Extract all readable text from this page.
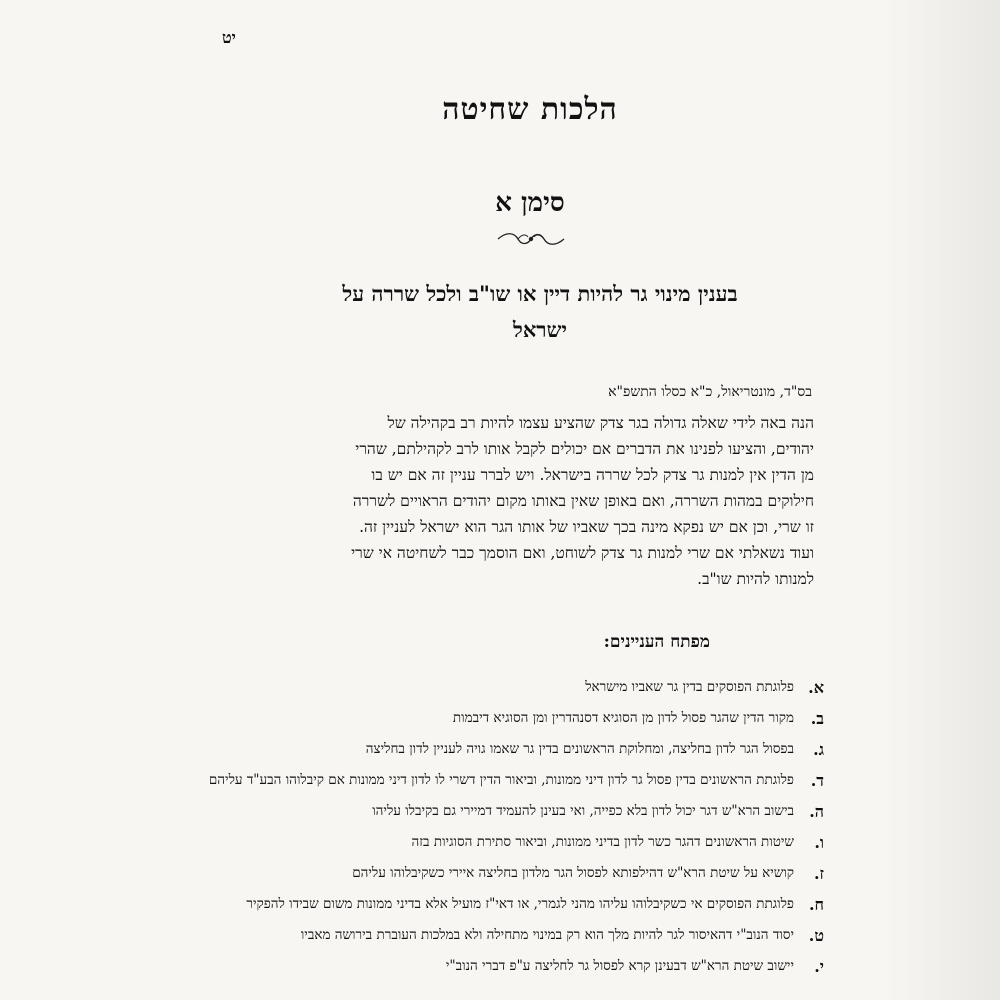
יט
הלכות שחיטה
סימן א
בענין מינוי גר להיות דיין או שו"ב ולכל שררה על
ישראל
בס"ד, מונטריאול, כ"א כסלו התשפ"א

הנה באה לידי שאלה גדולה בגר צדק שהציע עצמו להיות רב בקהילה של

יהודים, והציעו לפנינו את הדברים אם יכולים לקבל אותו לרב לקהילתם, שהרי

מן הדין אין למנות גר צדק לכל שררה בישראל. ויש לברר עניין זה אם יש בו

חילוקים במהות השררה, ואם באופן שאין באותו מקום יהודים הראויים לשררה

זו שרי, וכן אם יש נפקא מינה בכך שאביו של אותו הגר הוא ישראל לעניין זה.

ועוד נשאלתי אם שרי למנות גר צדק לשוחט, ואם הוסמך כבר לשחיטה אי שרי

למנותו להיות שו"ב.

מפתח העניינים:
א.
פלוגתת הפוסקים בדין גר שאביו מישראל
ב.
מקור הדין שהגר פסול לדון מן הסוגיא דסנהדרין ומן הסוגיא דיבמות
ג.
בפסול הגר לדון בחליצה, ומחלוקת הראשונים בדין גר שאמו גויה לעניין לדון בחליצה
ד.
פלוגתת הראשונים בדין פסול גר לדון דיני ממונות, וביאור הדין דשרי לו לדון דיני ממונות אם קיבלוהו הבע"ד עליהם
ה.
בישוב הרא"ש דגר יכול לדון בלא כפייה, ואי בעינן להעמיד דמיירי גם בקיבלו עליהו
ו.
שיטות הראשונים דהגר כשר לדון בדיני ממונות, וביאור סתירת הסוגיות בזה
ז.
קושיא על שיטת הרא"ש דהילפותא לפסול הגר מלדון בחליצה איירי כשקיבלוהו עליהם
ח.
פלוגתת הפוסקים אי כשקיבלוהו עליהו מהני לגמרי, או דאי"ז מועיל אלא בדיני ממונות משום שבידו להפקיר
ט.
יסוד הנוב"י דהאיסור לגר להיות מלך הוא רק במינוי מתחילה ולא במלכות העוברת בירושה מאביו
י.
יישוב שיטת הרא"ש דבעינן קרא לפסול גר לחליצה ע"פ דברי הנוב"י
